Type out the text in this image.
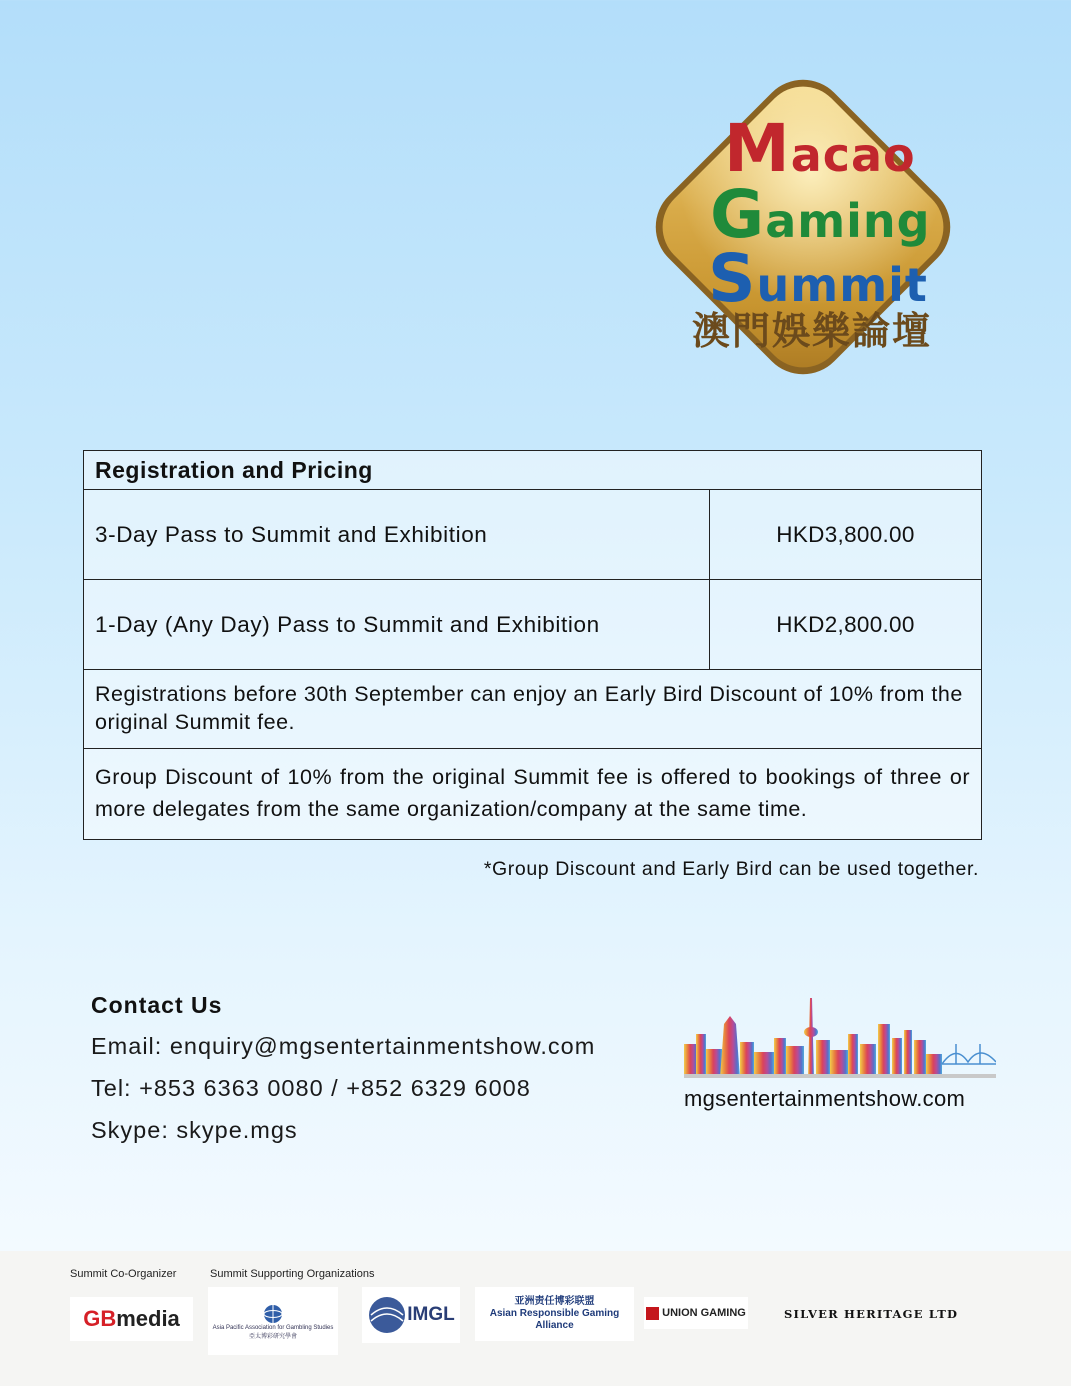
Macao
Gaming
Summit
澳門娛樂論壇
Registration and Pricing
3-Day Pass to Summit and Exhibition	HKD3,800.00
1-Day (Any Day) Pass to Summit and Exhibition	HKD2,800.00
Registrations before 30th September can enjoy an Early Bird Discount of 10% from the original Summit fee.
Group Discount of 10% from the original Summit fee is offered to bookings of three or more delegates from the same organization/company at the same time.
*Group Discount and Early Bird can be used together.
Contact Us
Email: enquiry@mgsentertainmentshow.com
Tel: +853 6363 0080 / +852 6329 6008
Skype: skype.mgs
mgsentertainmentshow.com
Summit Co-Organizer	Summit Supporting Organizations
GB media	Asia Pacific Association for Gambling Studies
亞太博彩研究學會
IMGL
亚洲责任博彩联盟
Asian Responsible Gaming
Alliance
UNION GAMING	SILVER HERITAGE LTD
